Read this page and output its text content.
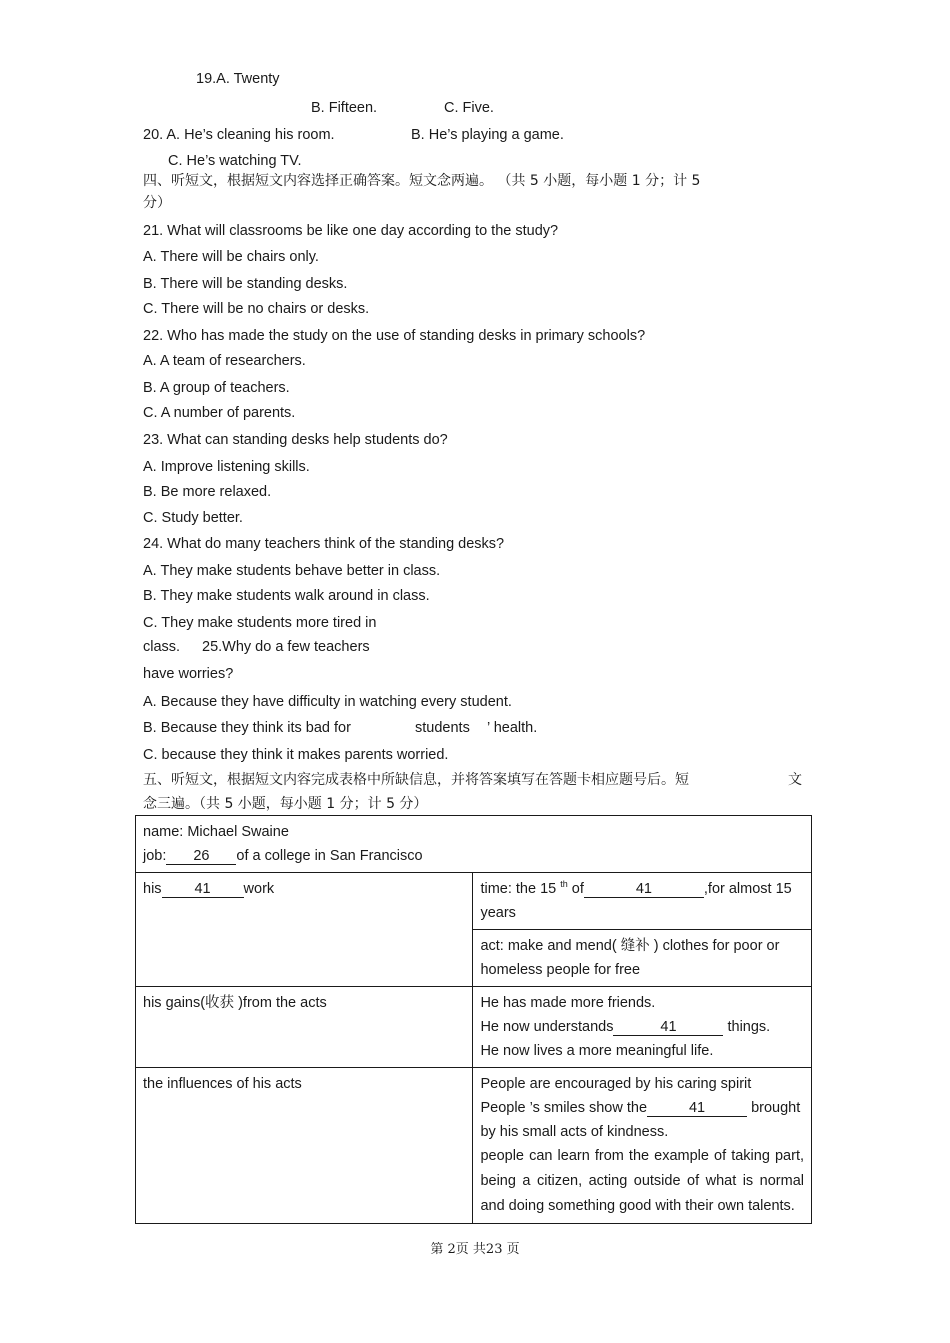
19.A. Twenty
B. Fifteen.	C. Five.
20. A. He’s cleaning his room.	B. He’s playing a game.
C. He’s watching TV.
四、听短文，根据短文内容选择正确答案。短文念两遍。 （共 5 小题，每小题 1 分；计 5
分）
21. What will classrooms be like one day according to the study?
A. There will be chairs only.
B. There will be standing desks.
C. There will be no chairs or desks.
22. Who has made the study on the use of standing desks in primary schools?
A. A team of researchers.
B. A group of teachers.
C. A number of parents.
23. What can standing desks help students do?
A. Improve listening skills.
B. Be more relaxed.
C. Study better.
24. What do many teachers think of the standing desks?
A. They make students behave better in class.
B. They make students walk around in class.
C. They make students more tired in
class. 25.Why do a few teachers
have worries?
A. Because they have difficulty in watching every student.
B. Because they think its bad for	students ’ health.
C. because they think it makes parents worried.
五、听短文，根据短文内容完成表格中所缺信息，并将答案填写在答题卡相应题号后。短	文
念三遍。（共 5 小题，每小题 1 分；计 5 分）
name: Michael Swaine
job: 26 of a college in San Francisco	

his 41 work	time: the 15 $^{th}$ of 41 ,for almost 15
years

	act: make and mend( 缝补 ) clothes for poor or homeless people for free

his gains(收获 )from the acts	He has made more friends.
He now understands 41 things.
He now lives a more meaningful life.

the influences of his acts	People are encouraged by his caring spirit
People ’s smiles show the 41 brought
by his small acts of kindness.
people can learn from the example of taking part, being a citizen, acting outside of what is normal and doing something good with their own talents.
第 2页 共23 页
